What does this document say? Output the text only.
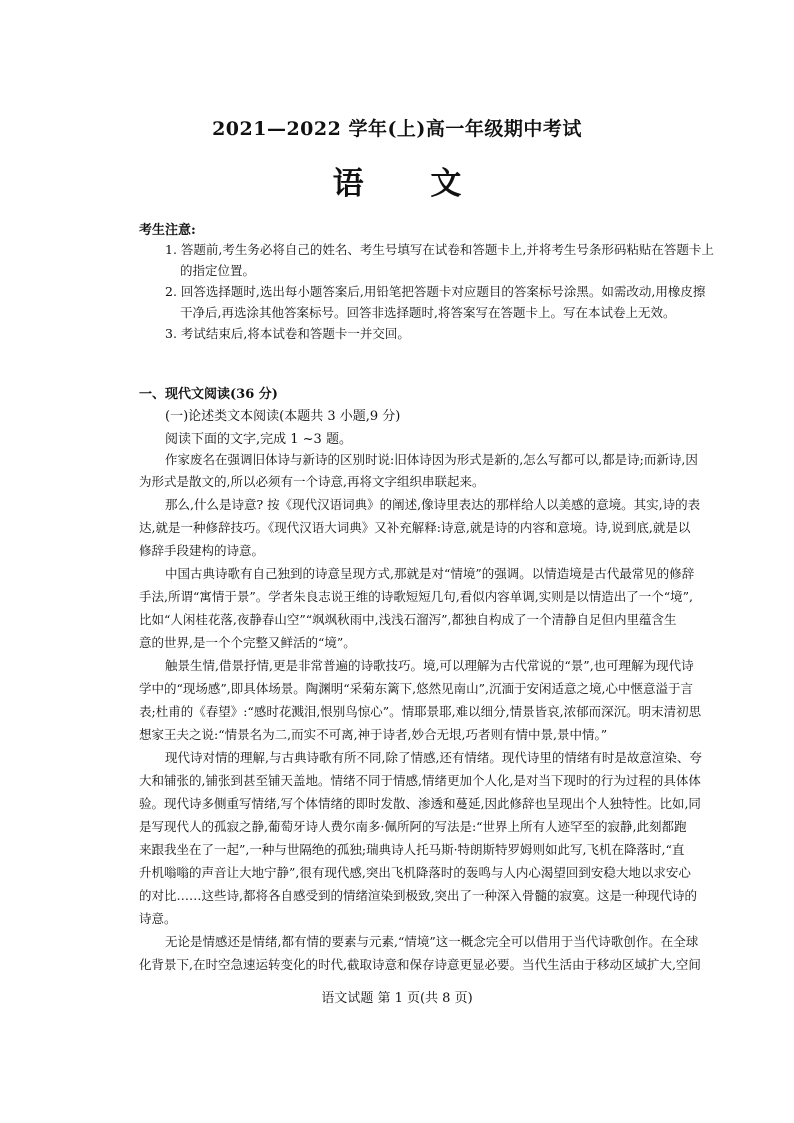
2021—2022 学年(上)高一年级期中考试
语 文
考生注意:
1. 答题前,考生务必将自己的姓名、考生号填写在试卷和答题卡上,并将考生号条形码粘贴在答题卡上
的指定位置。
2. 回答选择题时,选出每小题答案后,用铅笔把答题卡对应题目的答案标号涂黑。如需改动,用橡皮擦
干净后,再选涂其他答案标号。回答非选择题时,将答案写在答题卡上。写在本试卷上无效。
3. 考试结束后,将本试卷和答题卡一并交回。
一、现代文阅读(36 分)
(一)论述类文本阅读(本题共 3 小题,9 分)
阅读下面的文字,完成 1 ~3 题。
作家废名在强调旧体诗与新诗的区别时说:旧体诗因为形式是新的,怎么写都可以,都是诗;而新诗,因
为形式是散文的,所以必须有一个诗意,再将文字组织串联起来。
那么,什么是诗意? 按《现代汉语词典》的阐述,像诗里表达的那样给人以美感的意境。其实,诗的表
达,就是一种修辞技巧。《现代汉语大词典》又补充解释:诗意,就是诗的内容和意境。诗,说到底,就是以
修辞手段建构的诗意。
中国古典诗歌有自己独到的诗意呈现方式,那就是对“情境”的强调。以情造境是古代最常见的修辞
手法,所谓“寓情于景”。学者朱良志说王维的诗歌短短几句,看似内容单调,实则是以情造出了一个“境”,
比如“人闲桂花落,夜静春山空”“飒飒秋雨中,浅浅石溜泻”,都独自构成了一个清静自足但内里蕴含生
意的世界,是一个个完整又鲜活的“境”。
触景生情,借景抒情,更是非常普遍的诗歌技巧。境,可以理解为古代常说的“景”,也可理解为现代诗
学中的“现场感”,即具体场景。陶渊明“采菊东篱下,悠然见南山”,沉湎于安闲适意之境,心中惬意溢于言
表;杜甫的《春望》:“感时花溅泪,恨别鸟惊心”。情耶景耶,难以细分,情景皆哀,浓郁而深沉。明末清初思
想家王夫之说:“情景名为二,而实不可离,神于诗者,妙合无垠,巧者则有情中景,景中情。”
现代诗对情的理解,与古典诗歌有所不同,除了情感,还有情绪。现代诗里的情绪有时是故意渲染、夸
大和铺张的,铺张到甚至铺天盖地。情绪不同于情感,情绪更加个人化,是对当下现时的行为过程的具体体
验。现代诗多侧重写情绪,写个体情绪的即时发散、渗透和蔓延,因此修辞也呈现出个人独特性。比如,同
是写现代人的孤寂之静,葡萄牙诗人费尔南多·佩所阿的写法是:“世界上所有人迹罕至的寂静,此刻都跑
来跟我坐在了一起”,一种与世隔绝的孤独;瑞典诗人托马斯·特朗斯特罗姆则如此写,飞机在降落时,“直
升机嗡嗡的声音让大地宁静”,很有现代感,突出飞机降落时的轰鸣与人内心渴望回到安稳大地以求安心
的对比……这些诗,都将各自感受到的情绪渲染到极致,突出了一种深入骨髓的寂寞。这是一种现代诗的
诗意。
无论是情感还是情绪,都有情的要素与元素,“情境”这一概念完全可以借用于当代诗歌创作。在全球
化背景下,在时空急速运转变化的时代,截取诗意和保存诗意更显必要。当代生活由于移动区域扩大,空间
语文试题 第 1 页(共 8 页)
